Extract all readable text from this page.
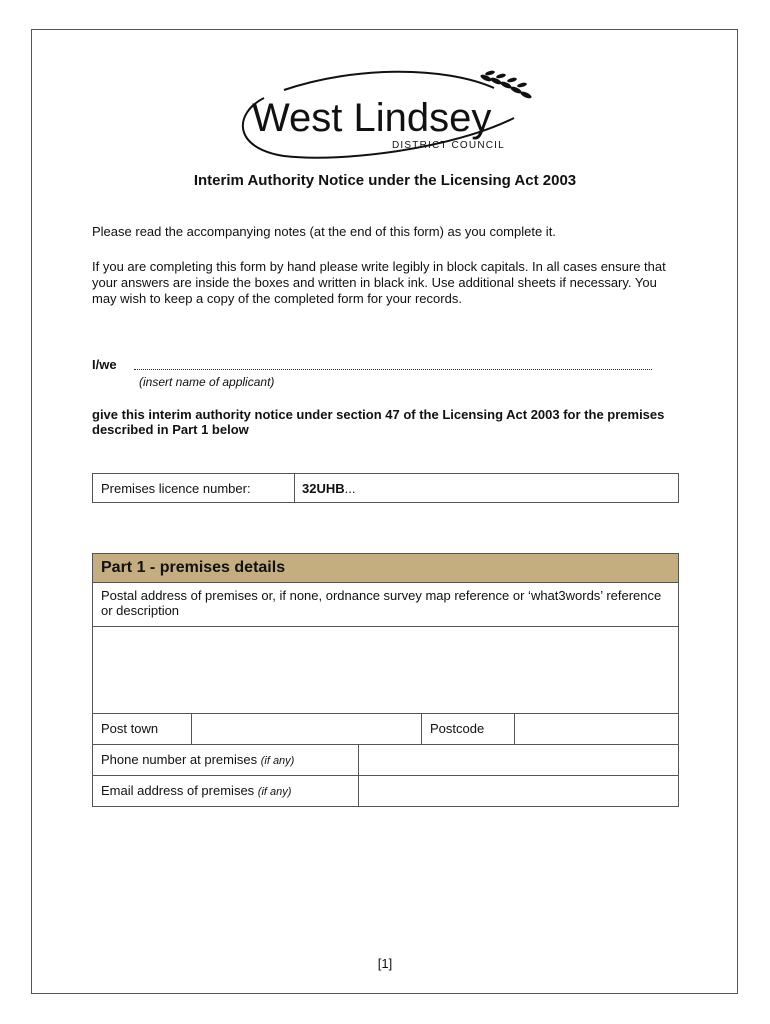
West Lindsey
DISTRICT COUNCIL
Interim Authority Notice under the Licensing Act 2003
Please read the accompanying notes (at the end of this form) as you complete it.
If you are completing this form by hand please write legibly in block capitals. In all cases ensure that your answers are inside the boxes and written in black ink. Use additional sheets if necessary. You may wish to keep a copy of the completed form for your records.
I/we
(insert name of applicant)
give this interim authority notice under section 47 of the Licensing Act 2003 for the premises described in Part 1 below
Premises licence number:	32UHB...
Part 1 - premises details
Postal address of premises or, if none, ordnance survey map reference or ‘what3words’ reference or description
Post town	Postcode
Phone number at premises (if any)
Email address of premises (if any)
[1]
